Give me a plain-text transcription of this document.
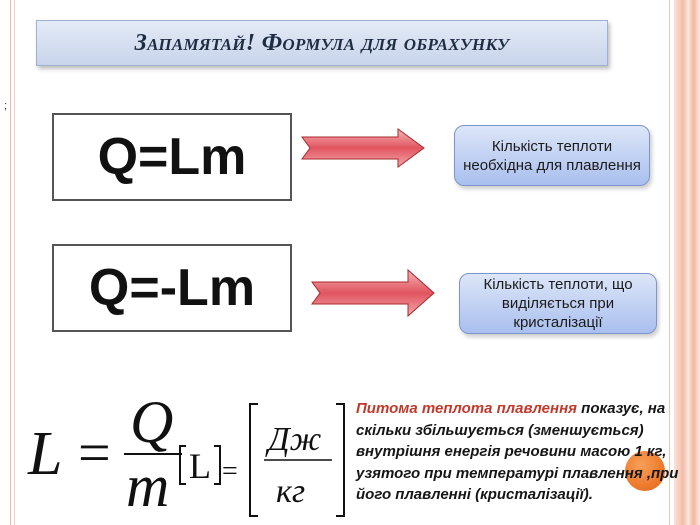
Запамятай! Формула для обрахунку
;
Q=Lm	Кількість теплоти необхідна для плавлення
Q=-Lm	Кількість теплоти, що виділяється при кристалізації
L = Q
m L =
Дж
кг
Питома теплота плавлення показує, на скільки збільшується (зменшується) внутрішня енергія речовини масою 1 кг, узятого при температурі плавлення ,при його плавленні (кристалізації).
